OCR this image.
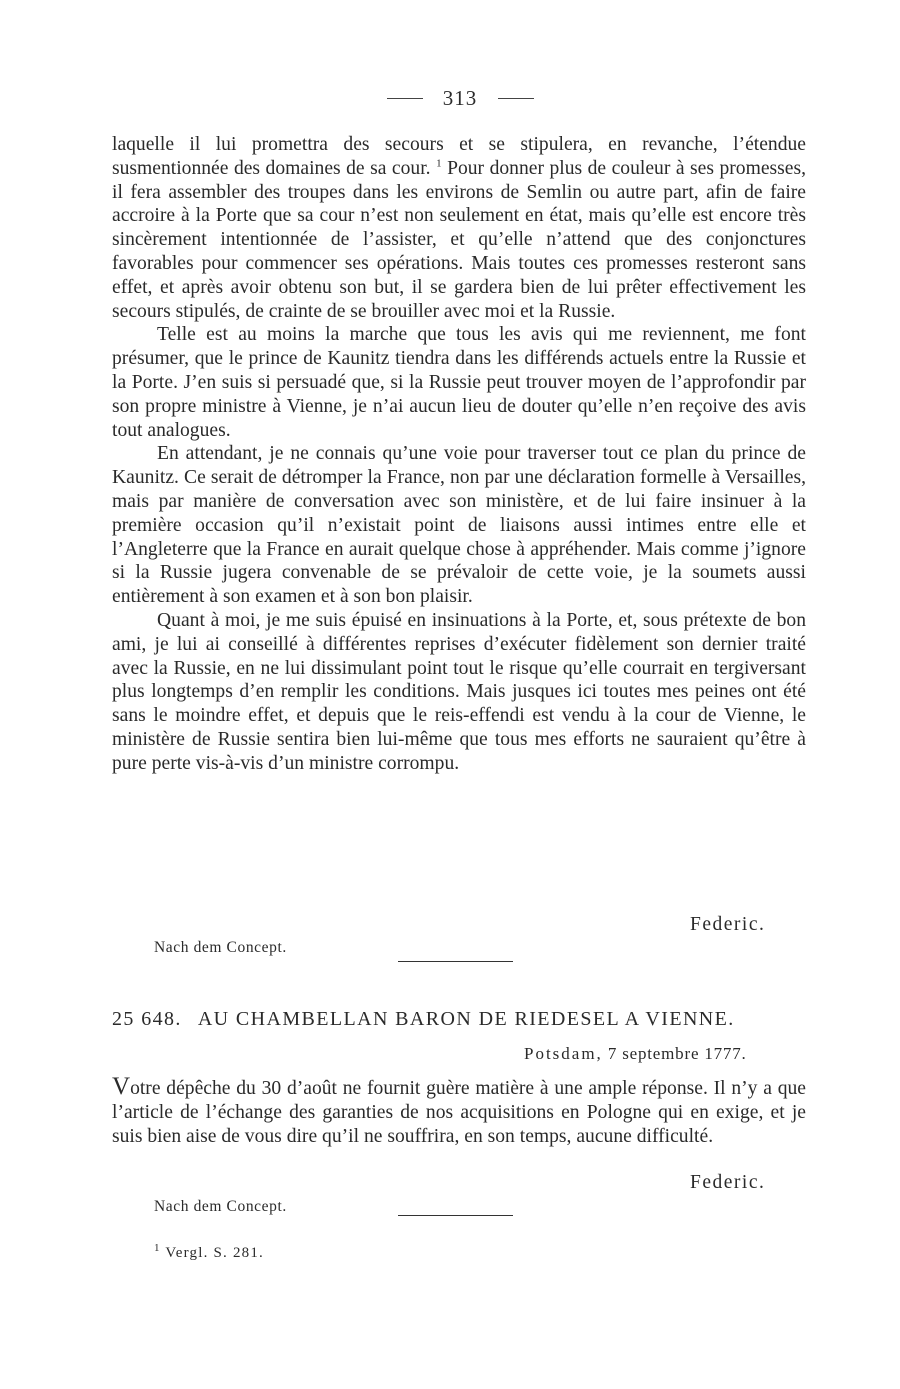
313

laquelle il lui promettra des secours et se stipulera, en revanche, l’étendue susmentionnée des domaines de sa cour. $^1$ Pour donner plus de couleur à ses promesses, il fera assembler des troupes dans les environs de Semlin ou autre part, afin de faire accroire à la Porte que sa cour n’est non seulement en état, mais qu’elle est encore très sincèrement intentionnée de l’assister, et qu’elle n’attend que des conjonctures favorables pour commencer ses opérations. Mais toutes ces promesses resteront sans effet, et après avoir obtenu son but, il se gardera bien de lui prêter effectivement les secours stipulés, de crainte de se brouiller avec moi et la Russie.

Telle est au moins la marche que tous les avis qui me reviennent, me font présumer, que le prince de Kaunitz tiendra dans les différends actuels entre la Russie et la Porte. J’en suis si persuadé que, si la Russie peut trouver moyen de l’approfondir par son propre ministre à Vienne, je n’ai aucun lieu de douter qu’elle n’en reçoive des avis tout analogues.

En attendant, je ne connais qu’une voie pour traverser tout ce plan du prince de Kaunitz. Ce serait de détromper la France, non par une déclaration formelle à Versailles, mais par manière de conversation avec son ministère, et de lui faire insinuer à la première occasion qu’il n’existait point de liaisons aussi intimes entre elle et l’Angleterre que la France en aurait quelque chose à appréhender. Mais comme j’ignore si la Russie jugera convenable de se prévaloir de cette voie, je la soumets aussi entièrement à son examen et à son bon plaisir.

Quant à moi, je me suis épuisé en insinuations à la Porte, et, sous prétexte de bon ami, je lui ai conseillé à différentes reprises d’exécuter fidèlement son dernier traité avec la Russie, en ne lui dissimulant point tout le risque qu’elle courrait en tergiversant plus longtemps d’en remplir les conditions. Mais jusques ici toutes mes peines ont été sans le moindre effet, et depuis que le reis-effendi est vendu à la cour de Vienne, le ministère de Russie sentira bien lui-même que tous mes efforts ne sauraient qu’être à pure perte vis-à-vis d’un ministre corrompu.

Federic.
Nach dem Concept.
25 648. AU CHAMBELLAN BARON DE RIEDESEL A VIENNE.
Potsdam, 7 septembre 1777.

Votre dépêche du 30 d’août ne fournit guère matière à une ample réponse. Il n’y a que l’article de l’échange des garanties de nos acquisitions en Pologne qui en exige, et je suis bien aise de vous dire qu’il ne souffrira, en son temps, aucune difficulté.

Federic.
Nach dem Concept.
$^1$ Vergl. S. 281.
